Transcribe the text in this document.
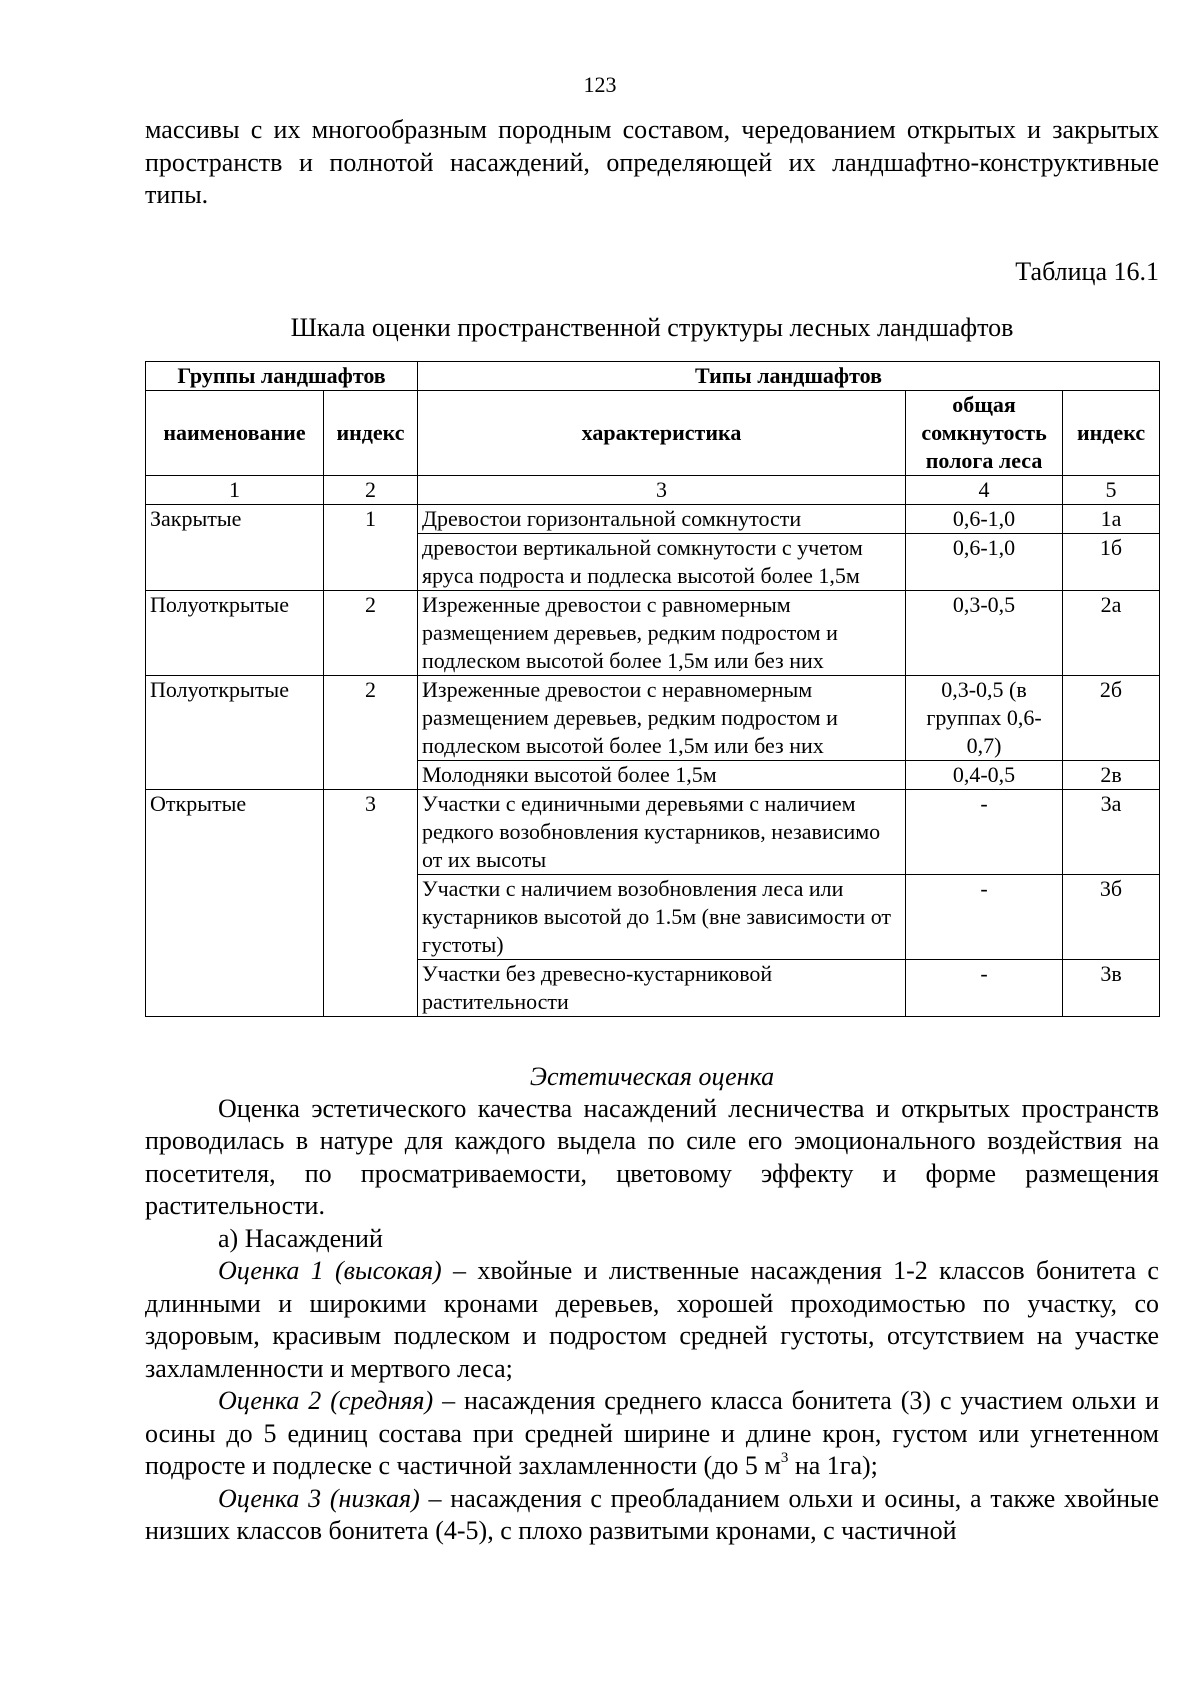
123

массивы с их многообразным породным составом, чередованием открытых и закрытых пространств и полнотой насаждений, определяющей их ландшафтно-конструктивные типы.

Таблица 16.1
Шкала оценки пространственной структуры лесных ландшафтов
Группы ландшафтов		Типы ландшафтов		
наименование	индекс	характеристика	общая сомкнутость полога леса	индекс
1	2	3	4	5
Закрытые	1	Древостои горизонтальной сомкнутости	0,6-1,0	1а
		древостои вертикальной сомкнутости с учетом яруса подроста и подлеска высотой более 1,5м	0,6-1,0	1б
Полуоткрытые	2	Изреженные древостои с равномерным размещением деревьев, редким подростом и подлеском высотой более 1,5м или без них	0,3-0,5	2а
Полуоткрытые	2	Изреженные древостои с неравномерным размещением деревьев, редким подростом и подлеском высотой более 1,5м или без них	0,3-0,5 (в группах 0,6-0,7)	2б
		Молодняки высотой более 1,5м	0,4-0,5	2в
Открытые	3	Участки с единичными деревьями с наличием редкого возобновления кустарников, независимо от их высоты	-	3а
		Участки с наличием возобновления леса или кустарников высотой до 1.5м (вне зависимости от густоты)	-	3б
		Участки без древесно-кустарниковой растительности	-	3в
Эстетическая оценка

Оценка эстетического качества насаждений лесничества и открытых пространств проводилась в натуре для каждого выдела по силе его эмоционального воздействия на посетителя, по просматриваемости, цветовому эффекту и форме размещения растительности.

а) Насаждений

Оценка 1 (высокая) – хвойные и лиственные насаждения 1-2 классов бонитета с длинными и широкими кронами деревьев, хорошей проходимостью по участку, со здоровым, красивым подлеском и подростом средней густоты, отсутствием на участке захламленности и мертвого леса;

Оценка 2 (средняя) – насаждения среднего класса бонитета (3) с участием ольхи и осины до 5 единиц состава при средней ширине и длине крон, густом или угнетенном подросте и подлеске с частичной захламленности (до 5 $м^3$ на 1га);

Оценка 3 (низкая) – насаждения с преобладанием ольхи и осины, а также хвойные низших классов бонитета (4-5), с плохо развитыми кронами, с частичной
